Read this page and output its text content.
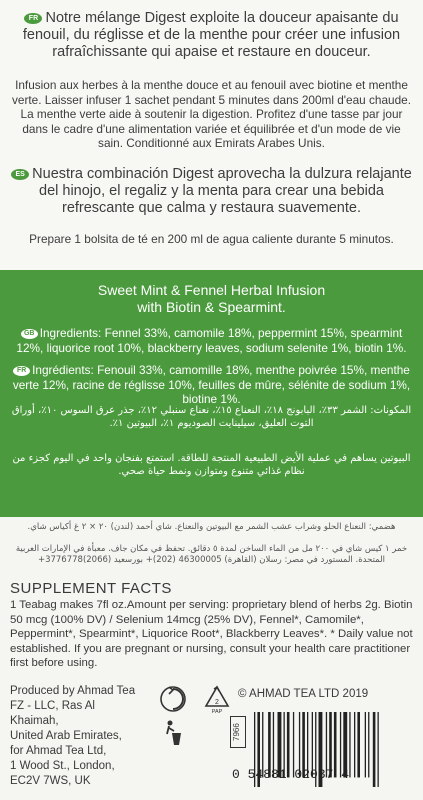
FR Notre mélange Digest exploite la douceur apaisante du fenouil, du réglisse et de la menthe pour créer une infusion rafraîchissante qui apaise et restaure en douceur.
Infusion aux herbes à la menthe douce et au fenouil avec biotine et menthe verte. Laisser infuser 1 sachet pendant 5 minutes dans 200ml d'eau chaude. La menthe verte aide à soutenir la digestion. Profitez d'une tasse par jour dans le cadre d'une alimentation variée et équilibrée et d'un mode de vie sain. Conditionné aux Emirats Arabes Unis.
ES Nuestra combinación Digest aprovecha la dulzura relajante del hinojo, el regaliz y la menta para crear una bebida refrescante que calma y restaura suavemente.
Prepare 1 bolsita de té en 200 ml de agua caliente durante 5 minutos.
Sweet Mint & Fennel Herbal Infusion
with Biotin & Spearmint.
GB Ingredients: Fennel 33%, camomile 18%, peppermint 15%, spearmint 12%, liquorice root 10%, blackberry leaves, sodium selenite 1%, biotin 1%.
FR Ingrédients: Fenouil 33%, camomille 18%, menthe poivrée 15%, menthe verte 12%, racine de réglisse 10%, feuilles de mûre, sélénite de sodium 1%, biotine 1%.
المكونات: الشمر ٣٣٪، البابونج ١٨٪، النعناع ١٥٪، نعناع سنبلي ١٢٪، جذر عرق السوس ١٠٪، أوراق التوت العليق، سيلينايت الصوديوم ١٪، البيوتين ١٪.
البيوتين يساهم في عملية الأيض الطبيعية المنتجة للطاقة. استمتع بفنجان واحد في اليوم كجزء من نظام غذائي متنوع ومتوازن ونمط حياة صحي.
هضمي: النعناع الحلو وشراب عشب الشمر مع البيوتين والنعناع. شاي أحمد (لندن) ٢٠ × ٢ غ أكياس شاي.
خمر ١ كيس شاي في ٢٠٠ مل من الماء الساخن لمدة ٥ دقائق. تحفظ في مكان جاف. معبأة في الإمارات العربية المتحدة. المستورد في مصر: رسلان (القاهرة) 46300005 (202)+ بورسعيد (2066)3776778+
SUPPLEMENT FACTS
1 Teabag makes 7fl oz.Amount per serving: proprietary blend of herbs 2g. Biotin 50 mcg (100% DV) / Selenium 14mcg (25% DV), Fennel*, Camomile*, Peppermint*, Spearmint*, Liquorice Root*, Blackberry Leaves*. * Daily value not established. If you are pregnant or nursing, consult your health care practitioner first before using.
Produced by Ahmad Tea
FZ - LLC, Ras Al Khaimah,
United Arab Emirates,
for Ahmad Tea Ltd,
1 Wood St., London,
EC2V 7WS, UK
2
PAP
7966
© AHMAD TEA LTD 2019
0 54881 02037 4
